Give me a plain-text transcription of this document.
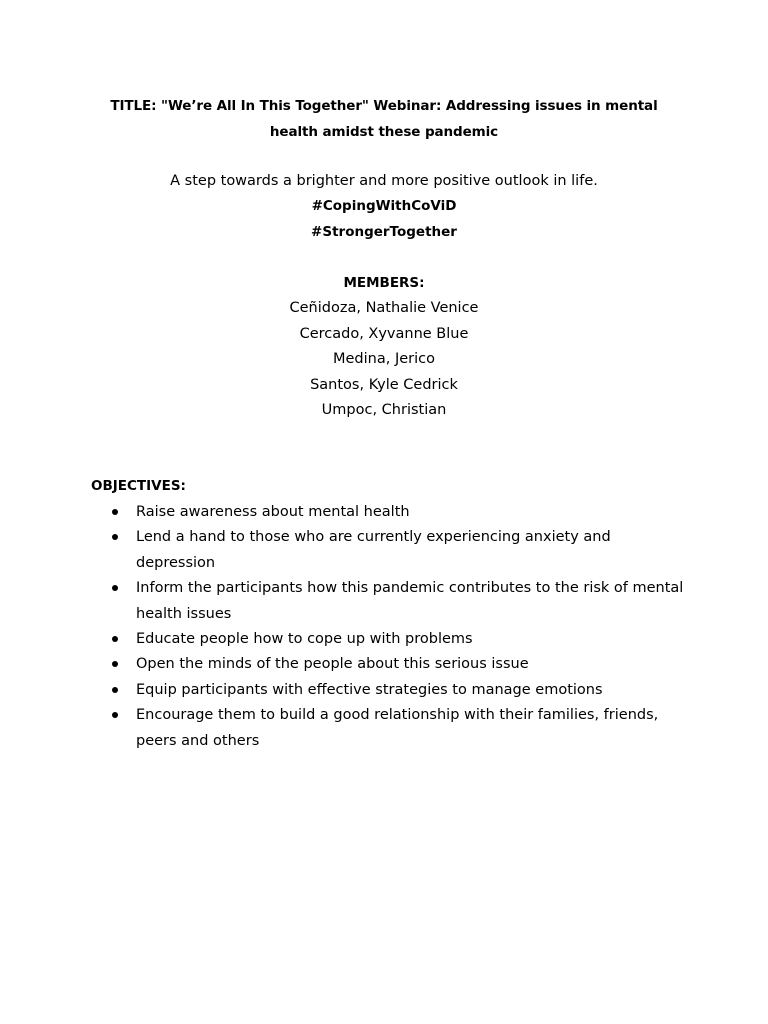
TITLE: "We’re All In This Together" Webinar: Addressing issues in mental health amidst these pandemic
A step towards a brighter and more positive outlook in life.
#CopingWithCoViD
#StrongerTogether
MEMBERS:
Ceñidoza, Nathalie Venice
Cercado, Xyvanne Blue
Medina, Jerico
Santos, Kyle Cedrick
Umpoc, Christian
OBJECTIVES:
Raise awareness about mental health
Lend a hand to those who are currently experiencing anxiety and depression
Inform the participants how this pandemic contributes to the risk of mental health issues
Educate people how to cope up with problems
Open the minds of the people about this serious issue
Equip participants with effective strategies to manage emotions
Encourage them to build a good relationship with their families, friends, peers and others
